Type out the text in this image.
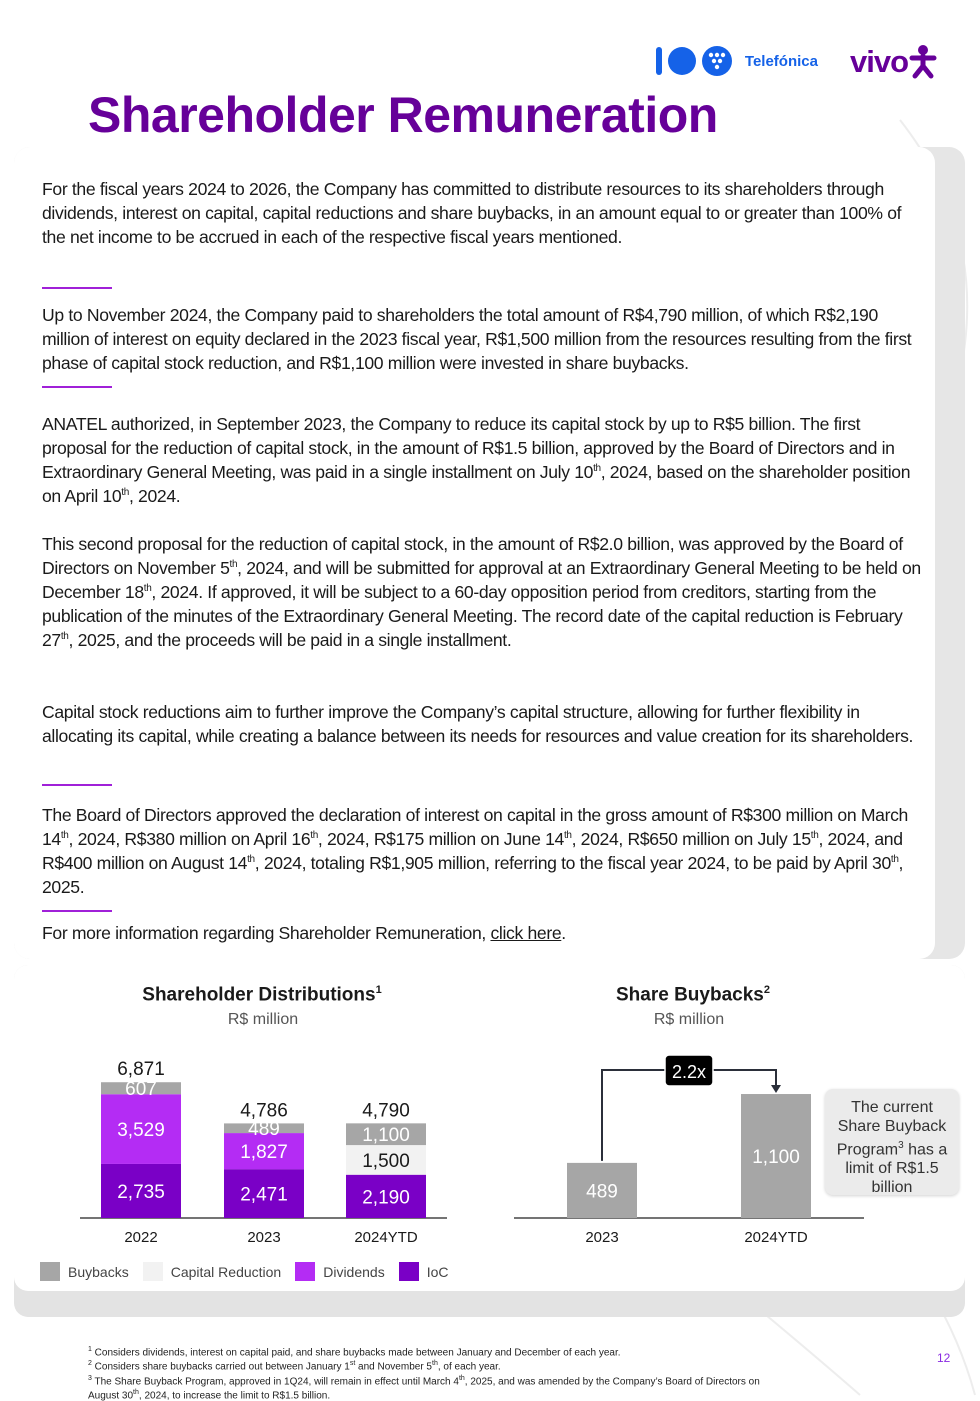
Telefónica vivo
Shareholder Remuneration

For the fiscal years 2024 to 2026, the Company has committed to distribute resources to its shareholders through dividends, interest on capital, capital reductions and share buybacks, in an amount equal to or greater than 100% of the net income to be accrued in each of the respective fiscal years mentioned.

Up to November 2024, the Company paid to shareholders the total amount of R$4,790 million, of which R$2,190 million of interest on equity declared in the 2023 fiscal year, R$1,500 million from the resources resulting from the first phase of capital stock reduction, and R$1,100 million were invested in share buybacks.

ANATEL authorized, in September 2023, the Company to reduce its capital stock by up to R$5 billion. The first proposal for the reduction of capital stock, in the amount of R$1.5 billion, approved by the Board of Directors and in Extraordinary General Meeting, was paid in a single installment on July 10th, 2024, based on the shareholder position on April 10th, 2024.

This second proposal for the reduction of capital stock, in the amount of R$2.0 billion, was approved by the Board of Directors on November 5th, 2024, and will be submitted for approval at an Extraordinary General Meeting to be held on December 18th, 2024. If approved, it will be subject to a 60-day opposition period from creditors, starting from the publication of the minutes of the Extraordinary General Meeting. The record date of the capital reduction is February 27th, 2025, and the proceeds will be paid in a single installment.

Capital stock reductions aim to further improve the Company’s capital structure, allowing for further flexibility in allocating its capital, while creating a balance between its needs for resources and value creation for its shareholders.

The Board of Directors approved the declaration of interest on capital in the gross amount of R$300 million on March 14th, 2024, R$380 million on April 16th, 2024, R$175 million on June 14th, 2024, R$650 million on July 15th, 2024, and R$400 million on August 14th, 2024, totaling R$1,905 million, referring to the fiscal year 2024, to be paid by April 30th, 2025.

For more information regarding Shareholder Remuneration, click here.

Shareholder Distributions$^1$
R$ million
Share Buybacks$^2$
R$ million
2,735
3,529
607
6,871
2022
2,471
1,827
489
4,786
2023
2,190
1,500
1,100
4,790
2024YTD
489
2023
1,100
2024YTD
2.2x
The current Share Buyback Program$^3$ has a limit of R$1.5 billion
Buybacks	Capital Reduction	Dividends	IoC
$^1$ Considers dividends, interest on capital paid, and share buybacks made between January and December of each year.
$^2$ Considers share buybacks carried out between January 1st and November 5th, of each year.
$^3$ The Share Buyback Program, approved in 1Q24, will remain in effect until March 4th, 2025, and was amended by the Company’s Board of Directors on August 30th, 2024, to increase the limit to R$1.5 billion.
12
